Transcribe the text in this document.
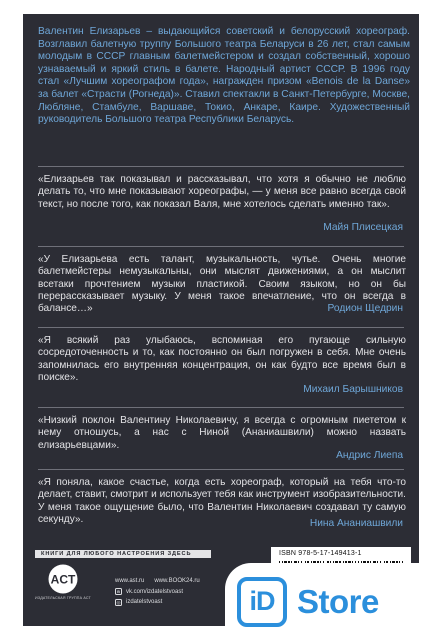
Валентин Елизарьев – выдающийся советский и белорусский хореограф. Возглавил балетную труппу Большого театра Беларуси в 26 лет, стал самым молодым в СССР главным балетмейстером и создал собственный, хорошо узнаваемый и яркий стиль в балете. Народный артист СССР. В 1996 году стал «Лучшим хореографом года», награжден призом «Benois de la Danse» за балет «Страсти (Рогнеда)». Ставил спектакли в Санкт-Петербурге, Москве, Любляне, Стамбуле, Варшаве, Токио, Анкаре, Каире. Художественный руководитель Большого театра Республики Беларусь.

«Елизарьев так показывал и рассказывал, что хотя я обычно не люблю делать то, что мне показывают хореографы, — у меня все равно всегда свой текст, но после того, как показал Валя, мне хотелось сделать именно так».

Майя Плисецкая

«У Елизарьева есть талант, музыкальность, чутье. Очень многие балетмейстеры немузыкальны, они мыслят движениями, а он мыслит всетаки прочтением музыки пластикой. Своим языком, но он бы перерассказывает музыку. У меня такое впечатление, что он всегда в балансе…»	Родион Щедрин

«Я всякий раз улыбаюсь, вспоминая его пугающе сильную сосредоточенность и то, как постоянно он был погружен в себя. Мне очень запомнилась его внутренняя концентрация, он как будто все время был в поиске».

Михаил Барышников

«Низкий поклон Валентину Николаевичу, я всегда с огромным пиететом к нему отношусь, а нас с Ниной (Ананиашвили) можно назвать елизарьевцами».

Андрис Лиепа

«Я поняла, какое счастье, когда есть хореограф, который на тебя что-то делает, ставит, смотрит и использует тебя как инструмент изобразительности. У меня такое ощущение было, что Валентин Николаевич создавал ту самую секунду».	Нина Ананиашвили
КНИГИ ДЛЯ ЛЮБОГО НАСТРОЕНИЯ ЗДЕСЬ
ACT
ИЗДАТЕЛЬСКАЯ ГРУППА АСТ
www.ast.ru www.BOOK24.ru
в	vk.com/izdatelstvoast
◎ izdatelstvoast
ISBN 978-5-17-149413-1
iD Store
